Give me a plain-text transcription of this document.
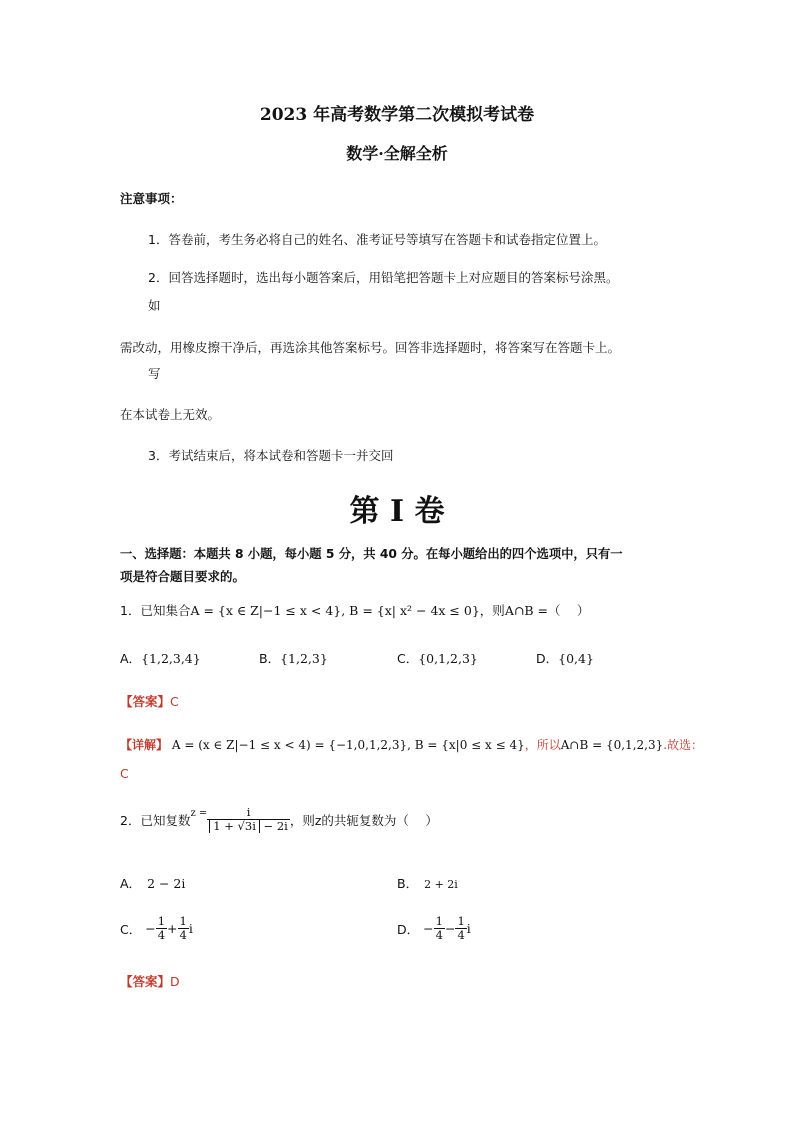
2023 年高考数学第二次模拟考试卷
数学·全解全析
注意事项：
1．答卷前，考生务必将自己的姓名、准考证号等填写在答题卡和试卷指定位置上。
2．回答选择题时，选出每小题答案后，用铅笔把答题卡上对应题目的答案标号涂黑。
如
需改动，用橡皮擦干净后，再选涂其他答案标号。回答非选择题时，将答案写在答题卡上。
写
在本试卷上无效。
3．考试结束后，将本试卷和答题卡一并交回
第 I 卷
一、选择题：本题共 8 小题，每小题 5 分，共 40 分。在每小题给出的四个选项中，只有一
项是符合题目要求的。
1．已知集合A = {x ∈ Z|−1 ≤ x < 4}, B = {x| x² − 4x ≤ 0}，则A∩B =（　 ）
A．{1,2,3,4}	B．{1,2,3}	C．{0,1,2,3}	D．{0,4}
【答案】C
【详解】 A = (x ∈ Z|−1 ≤ x < 4) = {−1,0,1,2,3}, B = {x|0 ≤ x ≤ 4}，所以A∩B = {0,1,2,3}.故选：
C
2．已知复数 $z = \frac{i}{1 + √3i - 2i}$ ，则z的共轭复数为（　 ）
A． 2 − 2i	B． 2 + 2i
C． − $\frac{1}{4} + \frac{1}{4}$ i	D． − $\frac{1}{4} - \frac{1}{4}$ i
【答案】D
